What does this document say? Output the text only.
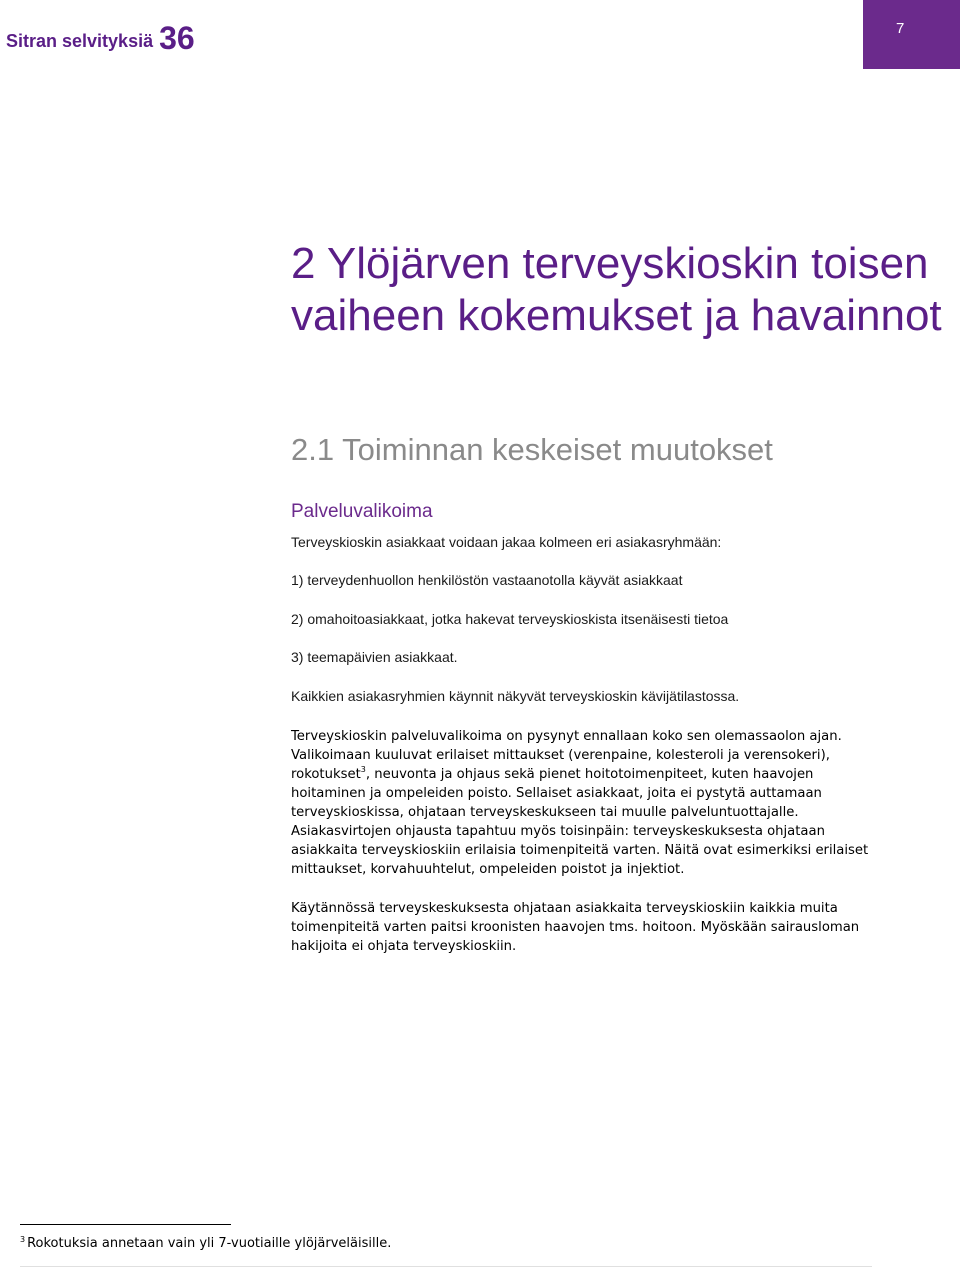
Sitran selvityksiä 36	7
2 Ylöjärven terveyskioskin toisen vaiheen kokemukset ja havainnot
2.1 Toiminnan keskeiset muutokset
Palveluvalikoima

Terveyskioskin asiakkaat voidaan jakaa kolmeen eri asiakasryhmään:

1) terveydenhuollon henkilöstön vastaanotolla käyvät asiakkaat

2) omahoitoasiakkaat, jotka hakevat terveyskioskista itsenäisesti tietoa

3) teemapäivien asiakkaat.

Kaikkien asiakasryhmien käynnit näkyvät terveyskioskin kävijätilastossa.

Terveyskioskin palveluvalikoima on pysynyt ennallaan koko sen olemassaolon ajan. Valikoimaan kuuluvat erilaiset mittaukset (verenpaine, kolesteroli ja verensokeri), rokotukset$^3$, neuvonta ja ohjaus sekä pienet hoitotoimenpiteet, kuten haavojen hoitaminen ja ompeleiden poisto. Sellaiset asiakkaat, joita ei pystytä auttamaan terveyskioskissa, ohjataan terveyskeskukseen tai muulle palveluntuottajalle. Asiakasvirtojen ohjausta tapahtuu myös toisinpäin: terveyskeskuksesta ohjataan asiakkaita terveyskioskiin erilaisia toimenpiteitä varten. Näitä ovat esimerkiksi erilaiset mittaukset, korvahuuhtelut, ompeleiden poistot ja injektiot.

Käytännössä terveyskeskuksesta ohjataan asiakkaita terveyskioskiin kaikkia muita toimenpiteitä varten paitsi kroonisten haavojen tms. hoitoon. Myöskään sairausloman hakijoita ei ohjata terveyskioskiin.

$^3$ Rokotuksia annetaan vain yli 7-vuotiaille ylöjärveläisille.
